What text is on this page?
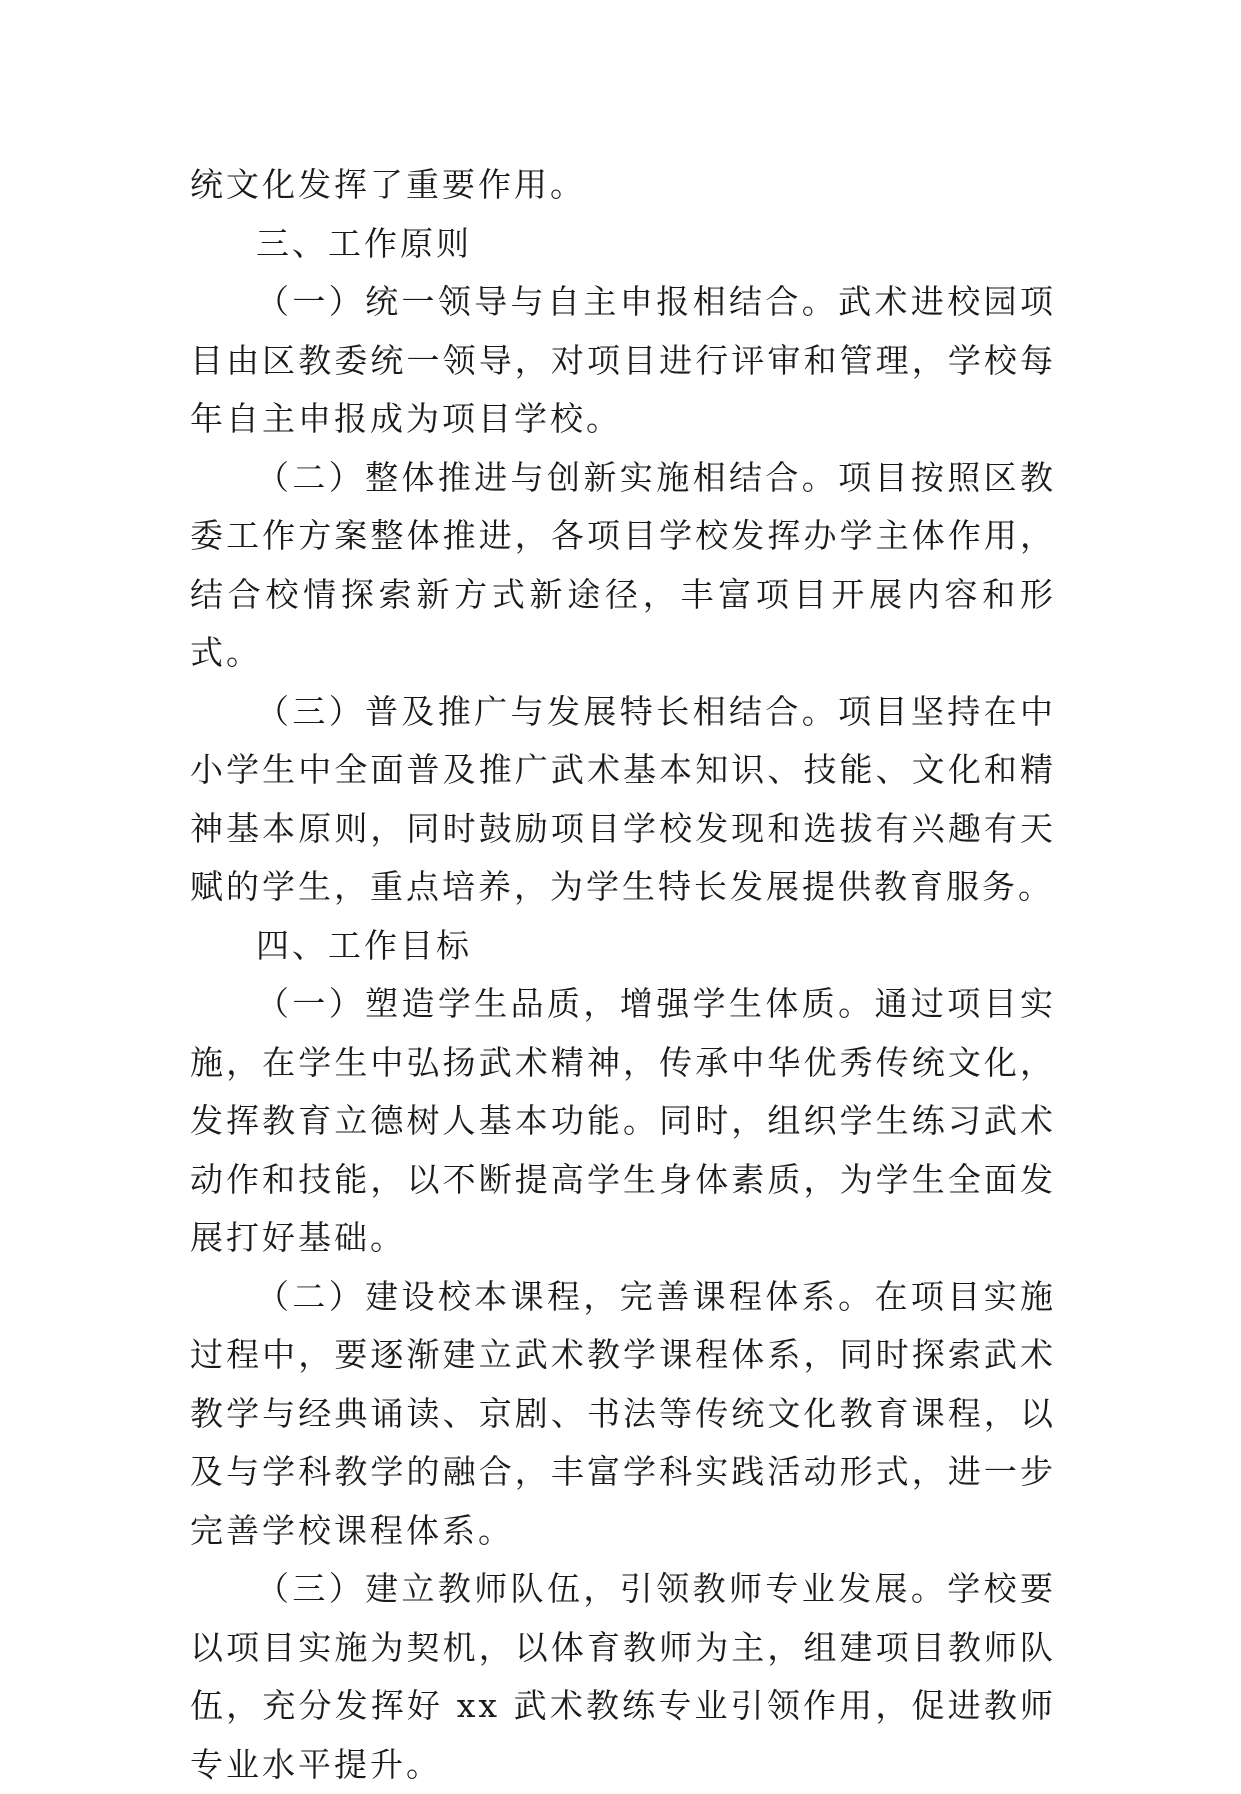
统文化发挥了重要作用。

三、工作原则

（一）统一领导与自主申报相结合。武术进校园项目由区教委统一领导，对项目进行评审和管理，学校每年自主申报成为项目学校。

（二）整体推进与创新实施相结合。项目按照区教委工作方案整体推进，各项目学校发挥办学主体作用，结合校情探索新方式新途径，丰富项目开展内容和形式。

（三）普及推广与发展特长相结合。项目坚持在中小学生中全面普及推广武术基本知识、技能、文化和精神基本原则，同时鼓励项目学校发现和选拔有兴趣有天赋的学生，重点培养，为学生特长发展提供教育服务。

四、工作目标

（一）塑造学生品质，增强学生体质。通过项目实施，在学生中弘扬武术精神，传承中华优秀传统文化，发挥教育立德树人基本功能。同时，组织学生练习武术动作和技能，以不断提高学生身体素质，为学生全面发展打好基础。

（二）建设校本课程，完善课程体系。在项目实施过程中，要逐渐建立武术教学课程体系，同时探索武术教学与经典诵读、京剧、书法等传统文化教育课程，以及与学科教学的融合，丰富学科实践活动形式，进一步完善学校课程体系。

（三）建立教师队伍，引领教师专业发展。学校要以项目实施为契机，以体育教师为主，组建项目教师队伍，充分发挥好 xx 武术教练专业引领作用，促进教师专业水平提升。
